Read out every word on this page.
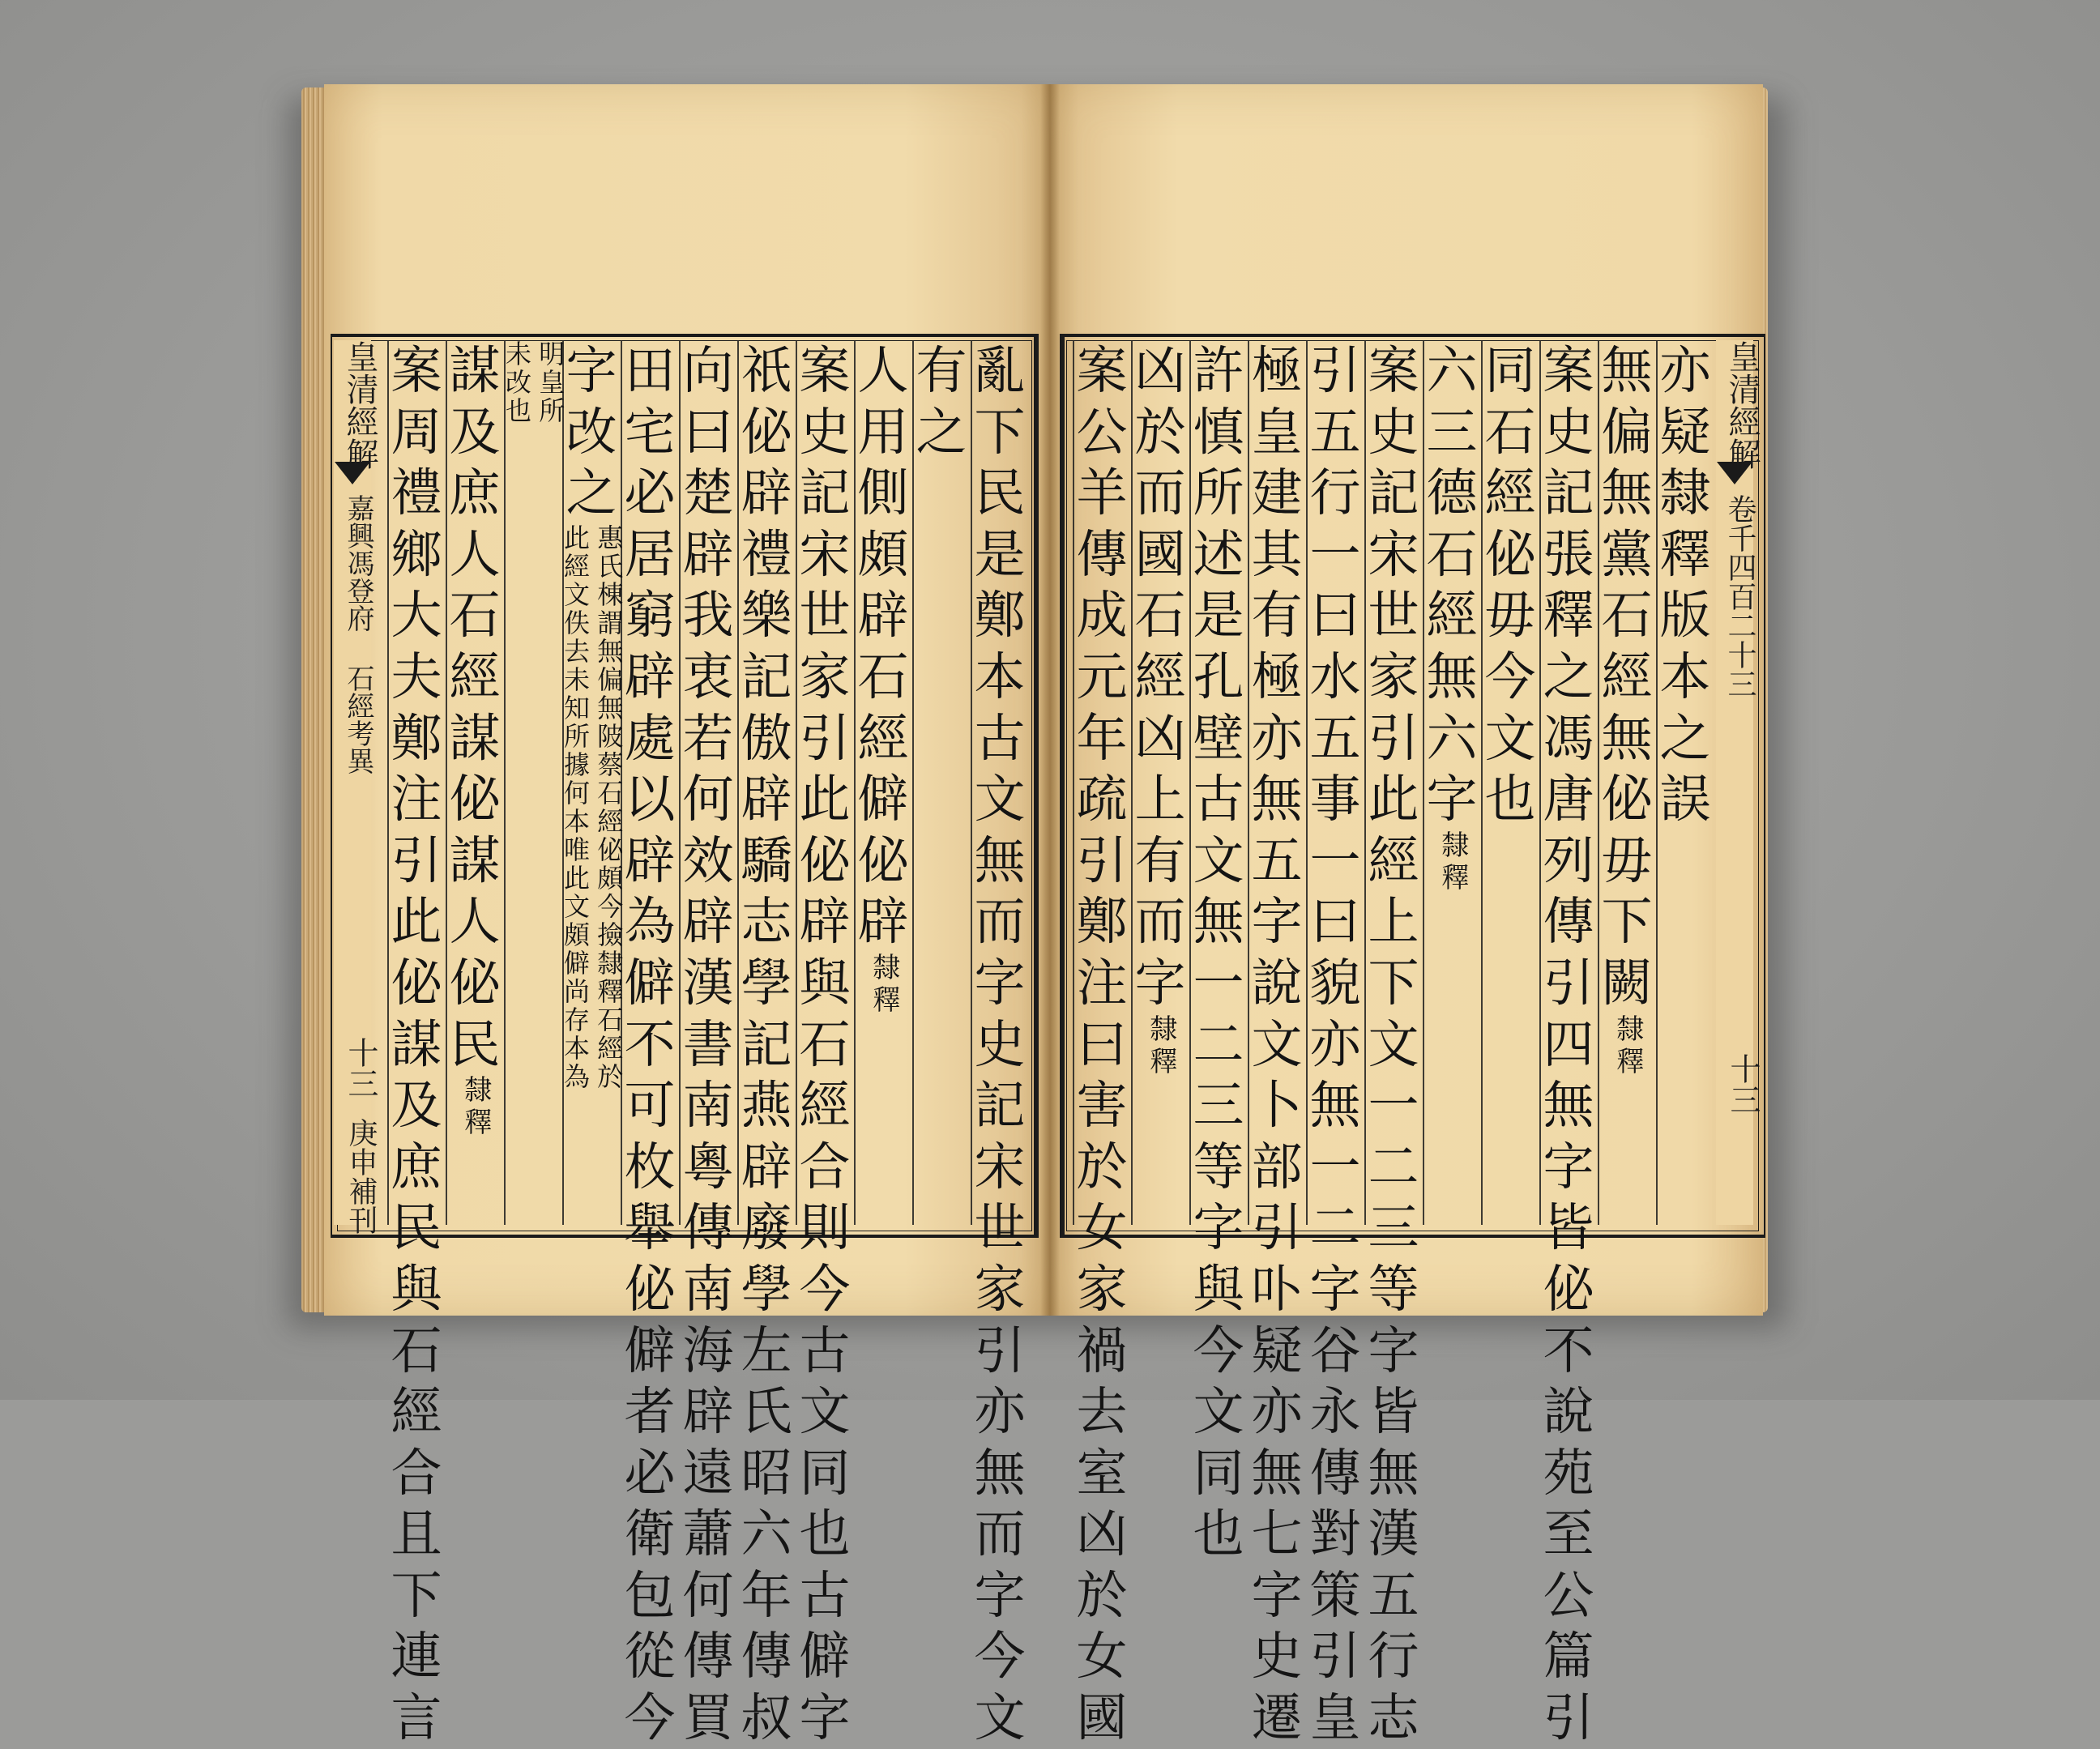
皇清經解
嘉興馮登府
石經考異
十三
庚申補刊
皇清經解
卷千四百二十三
十三
亂
下
民
是
鄭
本
古
文
無
而
字
史
記
宋
世
家
引
亦
無
而
字
今
文
有
之
人
用
側
頗
辟
石
經
僻
佖
辟
隸釋
案
史
記
宋
世
家
引
此
佖
辟
與
石
經
合
則
今
古
文
同
也
古
僻
字
祇
佖
辟
禮
樂
記
傲
辟
驕
志
學
記
燕
辟
廢
學
左
氏
昭
六
年
傳
叔
向
曰
楚
辟
我
衷
若
何
效
辟
漢
書
南
粵
傳
南
海
辟
遠
蕭
何
傳
買
田
宅
必
居
窮
辟
處
以
辟
為
僻
不
可
枚
舉
佖
僻
者
必
衛
包
從
今
字
改
之
惠氏棟謂無偏無陂蔡石經佖頗今撿隸釋石經於
此經文佚去未知所據何本唯此文頗僻尚存本為
明皇所
未改也
謀
及
庶
人
石
經
謀
佖
謀
人
佖
民
隸釋
案
周
禮
鄉
大
夫
鄭
注
引
此
佖
謀
及
庶
民
與
石
經
合
且
下
連
言
亦
疑
隸
釋
版
本
之
誤
無
偏
無
黨
石
經
無
佖
毋
下
闕
隸釋
案
史
記
張
釋
之
馮
唐
列
傳
引
四
無
字
皆
佖
不
說
苑
至
公
篇
引
同
石
經
佖
毋
今
文
也
六
三
德
石
經
無
六
字
隸釋
案
史
記
宋
世
家
引
此
經
上
下
文
一
二
三
等
字
皆
無
漢
五
行
志
引
五
行
一
曰
水
五
事
一
曰
貌
亦
無
一
二
字
谷
永
傳
對
策
引
皇
極
皇
建
其
有
極
亦
無
五
字
說
文
卜
部
引
卟
疑
亦
無
七
字
史
遷
許
慎
所
述
是
孔
壁
古
文
無
一
二
三
等
字
與
今
文
同
也
凶
於
而
國
石
經
凶
上
有
而
字
隸釋
案
公
羊
傳
成
元
年
疏
引
鄭
注
曰
害
於
女
家
禍
去
室
凶
於
女
國
